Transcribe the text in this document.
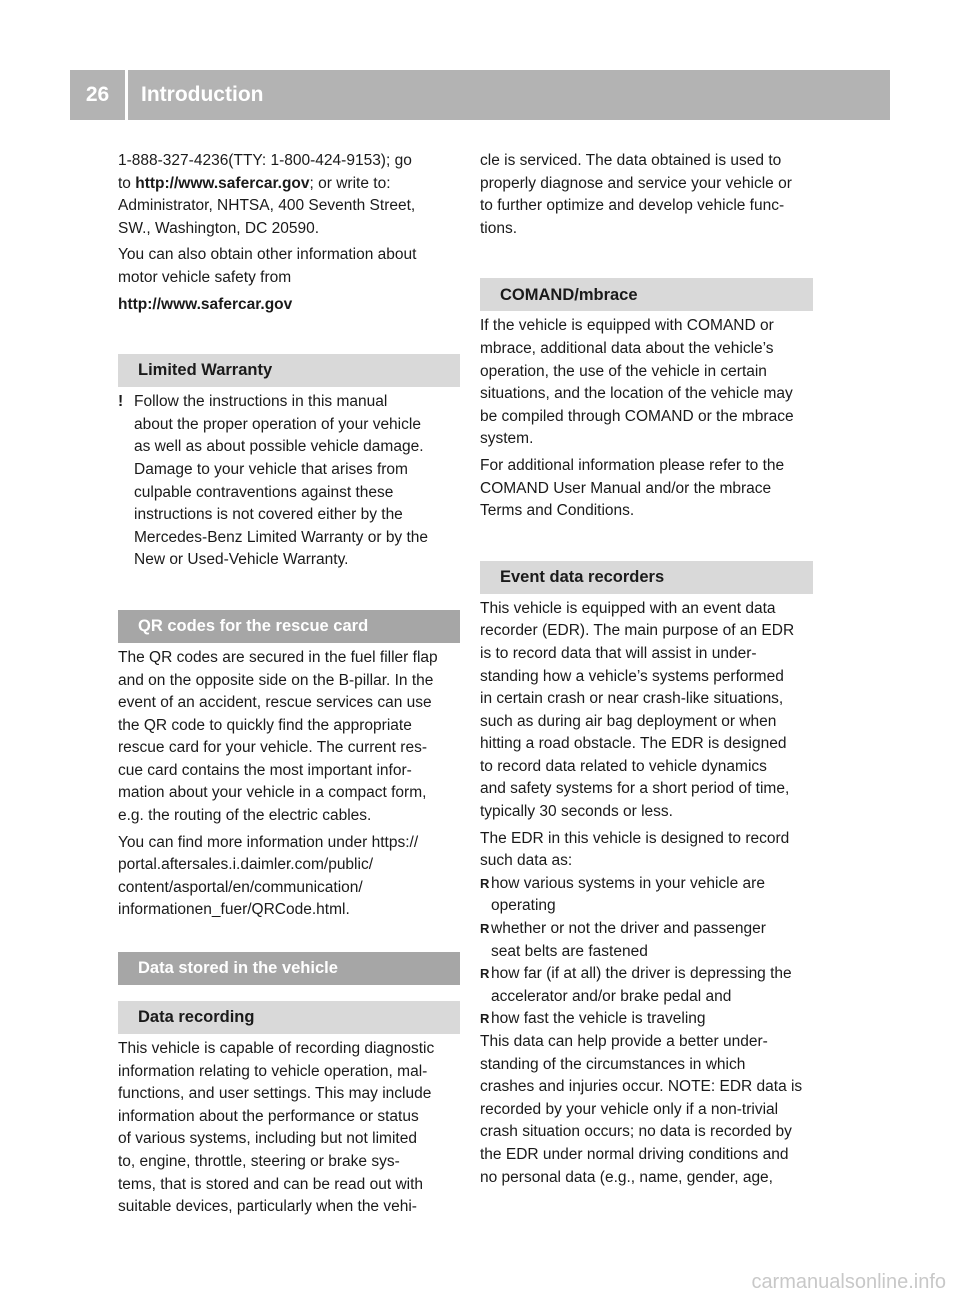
26	Introduction
1-888-327-4236(TTY: 1-800-424-9153); go
to http://www.safercar.gov; or write to:
Administrator, NHTSA, 400 Seventh Street,
SW., Washington, DC 20590.
You can also obtain other information about
motor vehicle safety from
http://www.safercar.gov
Limited Warranty
! Follow the instructions in this manual
about the proper operation of your vehicle
as well as about possible vehicle damage.
Damage to your vehicle that arises from
culpable contraventions against these
instructions is not covered either by the
Mercedes-Benz Limited Warranty or by the
New or Used-Vehicle Warranty.
QR codes for the rescue card
The QR codes are secured in the fuel filler flap
and on the opposite side on the B-pillar. In the
event of an accident, rescue services can use
the QR code to quickly find the appropriate
rescue card for your vehicle. The current res-
cue card contains the most important infor-
mation about your vehicle in a compact form,
e.g. the routing of the electric cables.
You can find more information under https://
portal.aftersales.i.daimler.com/public/
content/asportal/en/communication/
informationen_fuer/QRCode.html.
Data stored in the vehicle
Data recording
This vehicle is capable of recording diagnostic
information relating to vehicle operation, mal-
functions, and user settings. This may include
information about the performance or status
of various systems, including but not limited
to, engine, throttle, steering or brake sys-
tems, that is stored and can be read out with
suitable devices, particularly when the vehi-
cle is serviced. The data obtained is used to
properly diagnose and service your vehicle or
to further optimize and develop vehicle func-
tions.
COMAND/mbrace
If the vehicle is equipped with COMAND or
mbrace, additional data about the vehicle’s
operation, the use of the vehicle in certain
situations, and the location of the vehicle may
be compiled through COMAND or the mbrace
system.
For additional information please refer to the
COMAND User Manual and/or the mbrace
Terms and Conditions.
Event data recorders
This vehicle is equipped with an event data
recorder (EDR). The main purpose of an EDR
is to record data that will assist in under-
standing how a vehicle’s systems performed
in certain crash or near crash-like situations,
such as during air bag deployment or when
hitting a road obstacle. The EDR is designed
to record data related to vehicle dynamics
and safety systems for a short period of time,
typically 30 seconds or less.
The EDR in this vehicle is designed to record
such data as:
R how various systems in your vehicle are
operating
R whether or not the driver and passenger
seat belts are fastened
R how far (if at all) the driver is depressing the
accelerator and/or brake pedal and
R how fast the vehicle is traveling
This data can help provide a better under-
standing of the circumstances in which
crashes and injuries occur. NOTE: EDR data is
recorded by your vehicle only if a non-trivial
crash situation occurs; no data is recorded by
the EDR under normal driving conditions and
no personal data (e.g., name, gender, age,
carmanualsonline.info
